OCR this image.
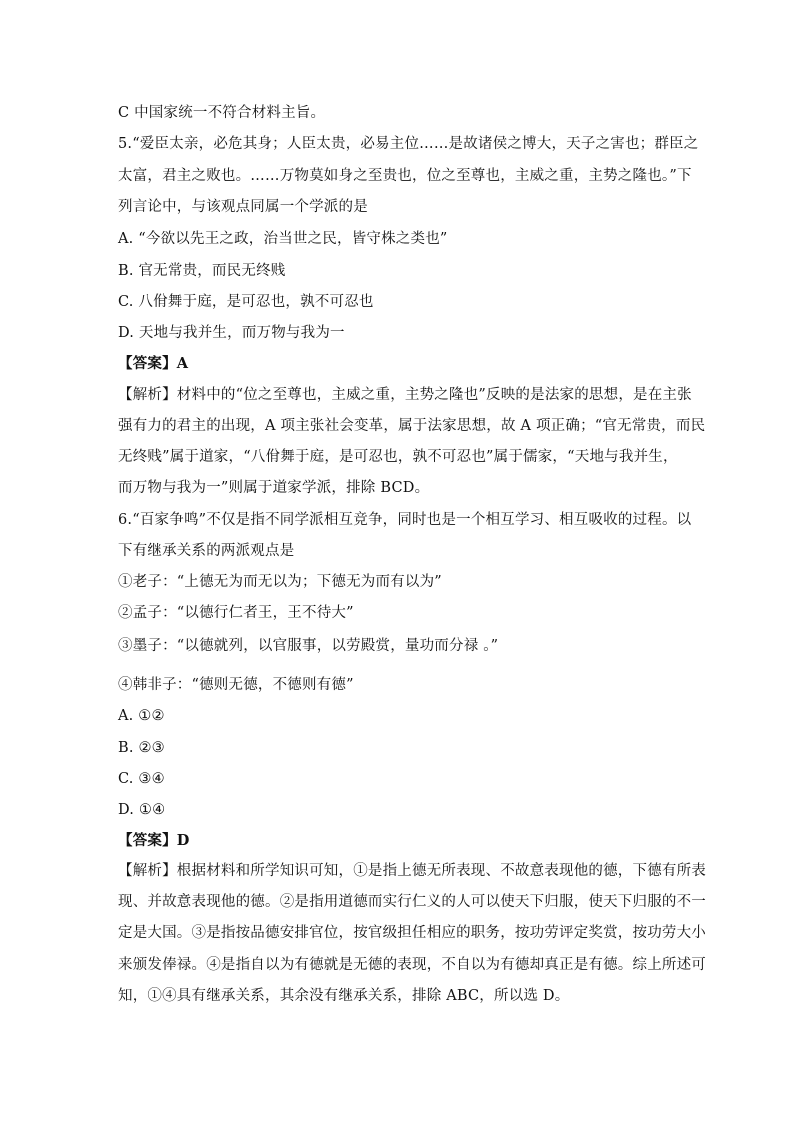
C 中国家统一不符合材料主旨。
5.“爱臣太亲，必危其身；人臣太贵，必易主位……是故诸侯之博大，天子之害也；群臣之
太富，君主之败也。……万物莫如身之至贵也，位之至尊也，主威之重，主势之隆也。”下
列言论中，与该观点同属一个学派的是
A. “今欲以先王之政，治当世之民，皆守株之类也”
B. 官无常贵，而民无终贱
C. 八佾舞于庭，是可忍也，孰不可忍也
D. 天地与我并生，而万物与我为一
【答案】A
【解析】材料中的“位之至尊也，主威之重，主势之隆也”反映的是法家的思想，是在主张
强有力的君主的出现，A 项主张社会变革，属于法家思想，故 A 项正确；“官无常贵，而民
无终贱”属于道家，“八佾舞于庭，是可忍也，孰不可忍也”属于儒家，“天地与我并生，
而万物与我为一”则属于道家学派，排除 BCD。
6.“百家争鸣”不仅是指不同学派相互竞争，同时也是一个相互学习、相互吸收的过程。以
下有继承关系的两派观点是
①老子：“上德无为而无以为；下德无为而有以为”
②孟子：“以德行仁者王，王不待大”
③墨子：“以德就列，以官服事，以劳殿赏，量功而分禄 。”
④韩非子：“德则无德，不德则有德”
A. ①②
B. ②③
C. ③④
D. ①④
【答案】D
【解析】根据材料和所学知识可知，①是指上德无所表现、不故意表现他的德，下德有所表
现、并故意表现他的德。②是指用道德而实行仁义的人可以使天下归服，使天下归服的不一
定是大国。③是指按品德安排官位，按官级担任相应的职务，按功劳评定奖赏，按功劳大小
来颁发俸禄。④是指自以为有德就是无德的表现，不自以为有德却真正是有德。综上所述可
知，①④具有继承关系，其余没有继承关系，排除 ABC，所以选 D。
